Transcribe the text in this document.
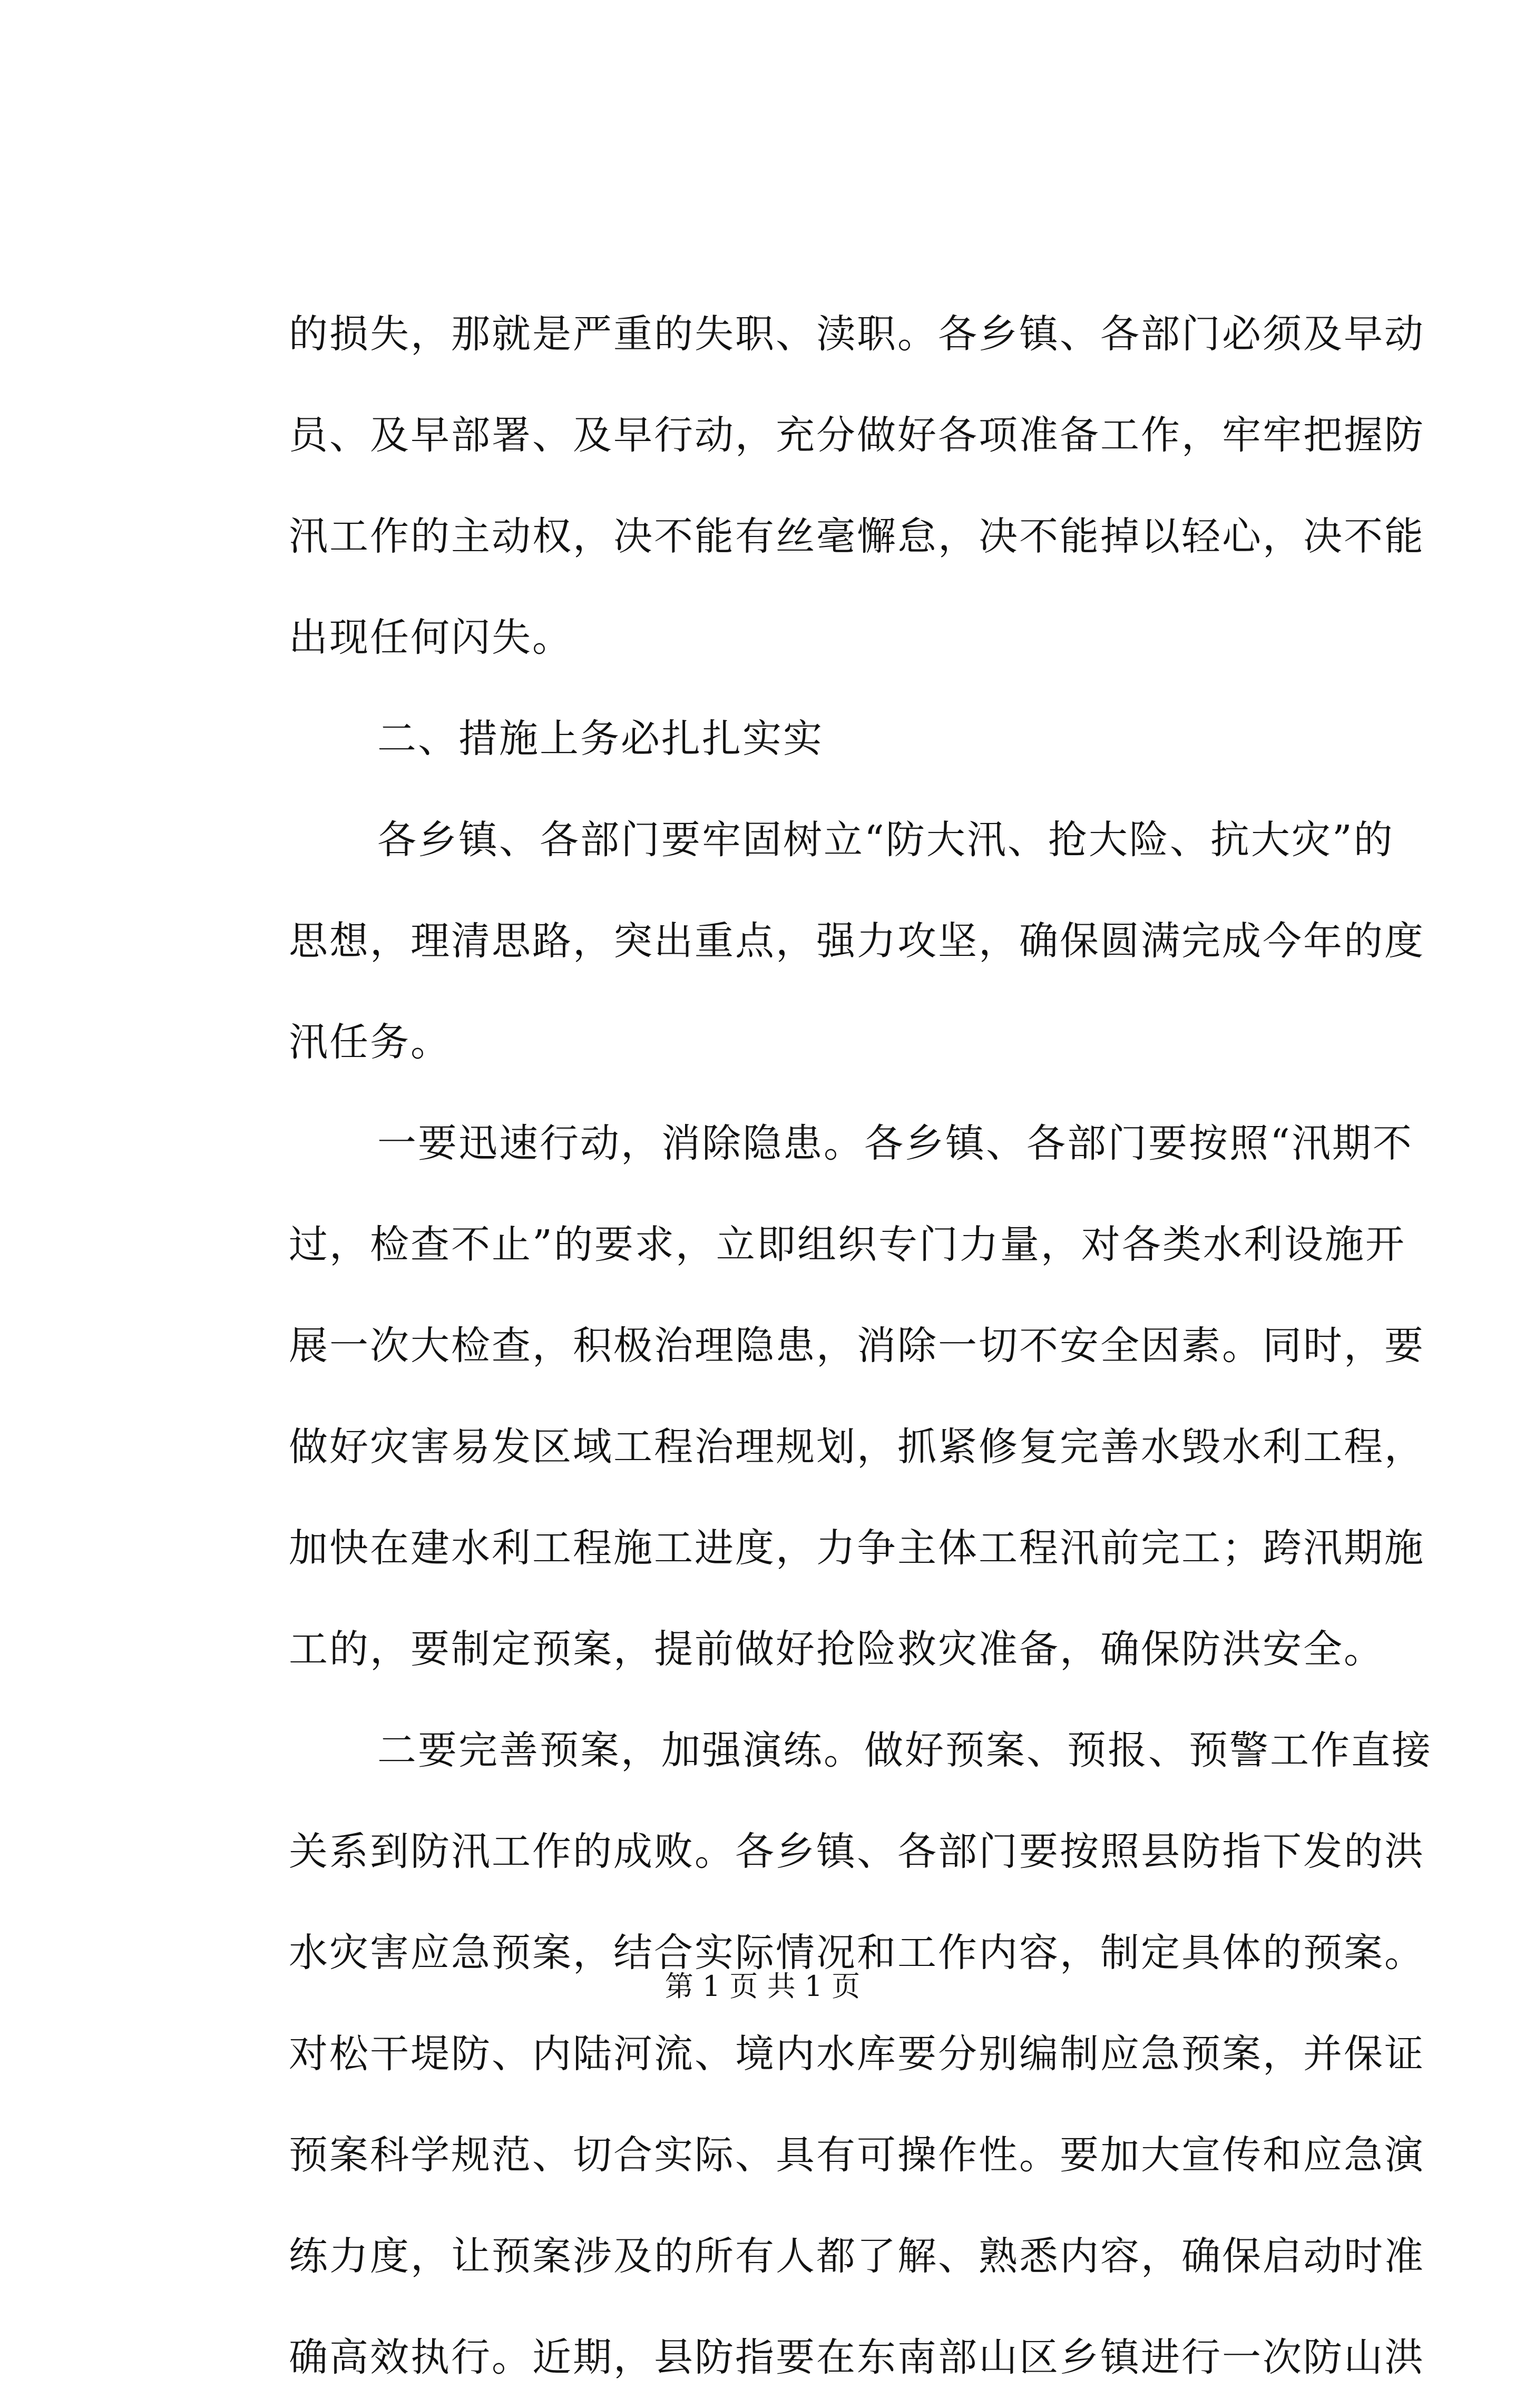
的损失，那就是严重的失职、渎职。各乡镇、各部门必须及早动
员、及早部署、及早行动，充分做好各项准备工作，牢牢把握防
汛工作的主动权，决不能有丝毫懈怠，决不能掉以轻心，决不能
出现任何闪失。
二、措施上务必扎扎实实
各乡镇、各部门要牢固树立“防大汛、抢大险、抗大灾”的
思想，理清思路，突出重点，强力攻坚，确保圆满完成今年的度
汛任务。
一要迅速行动，消除隐患。各乡镇、各部门要按照“汛期不
过，检查不止”的要求，立即组织专门力量，对各类水利设施开
展一次大检查，积极治理隐患，消除一切不安全因素。同时，要
做好灾害易发区域工程治理规划，抓紧修复完善水毁水利工程，
加快在建水利工程施工进度，力争主体工程汛前完工；跨汛期施
工的，要制定预案，提前做好抢险救灾准备，确保防洪安全。
二要完善预案，加强演练。做好预案、预报、预警工作直接
关系到防汛工作的成败。各乡镇、各部门要按照县防指下发的洪
水灾害应急预案，结合实际情况和工作内容，制定具体的预案。
对松干堤防、内陆河流、境内水库要分别编制应急预案，并保证
预案科学规范、切合实际、具有可操作性。要加大宣传和应急演
练力度，让预案涉及的所有人都了解、熟悉内容，确保启动时准
确高效执行。近期，县防指要在东南部山区乡镇进行一次防山洪
第 1 页 共 1 页
